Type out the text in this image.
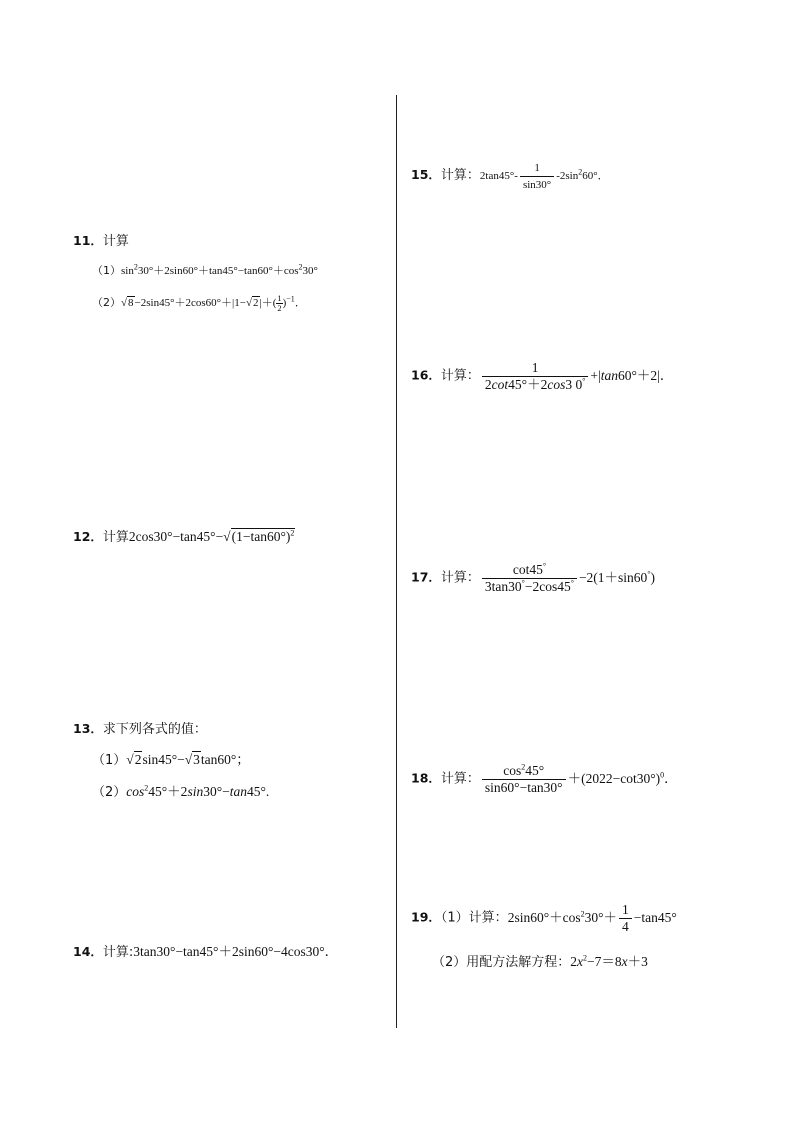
11．计算
$(1)\sin^230^\circ+2\sin 60^\circ+\tan 45^\circ-\tan 60^\circ+\cos^230^\circ$
$(2)√8-2\sin 45^\circ+2\cos 60^\circ+|1-√2|+( \frac{1}{2})^{-1}$．
12．计算$2\cos 30^\circ-\tan 45^\circ-√(1-\tan 60^\circ)^2$
13．求下列各式的值：
（1）√2sin45°−√3tan60°；
$(2)\cos^245^\circ+2\sin 30^\circ-\tan 45^\circ$.
14．计算:3tan30°−tan45°＋2sin60°−4cos30°．
15．计算：$2\tan 45^\circ- \frac{1}{\sin 30^\circ} -2\sin^260^\circ$．
16．计算： $\frac{1}{2\cot 45^\circ+2\cos 3 0^\circ} +|\tan 60^\circ+2|$．
17．计算： $\frac{\cot 45^\circ}{3\tan 30^\circ-2\cos 45^\circ} -2(1+\sin 60^\circ)$
18．计算： $\frac{\cos^245^\circ}{\sin 60^\circ-\tan 30^\circ} +(2022-\cot 30^\circ)^0$．
19．（1）计算：$2\sin 60^\circ+\cos^230^\circ+ \frac{1}{4} -\tan 45^\circ$
（2）用配方法解方程：$2x^2-7=8x+3$
